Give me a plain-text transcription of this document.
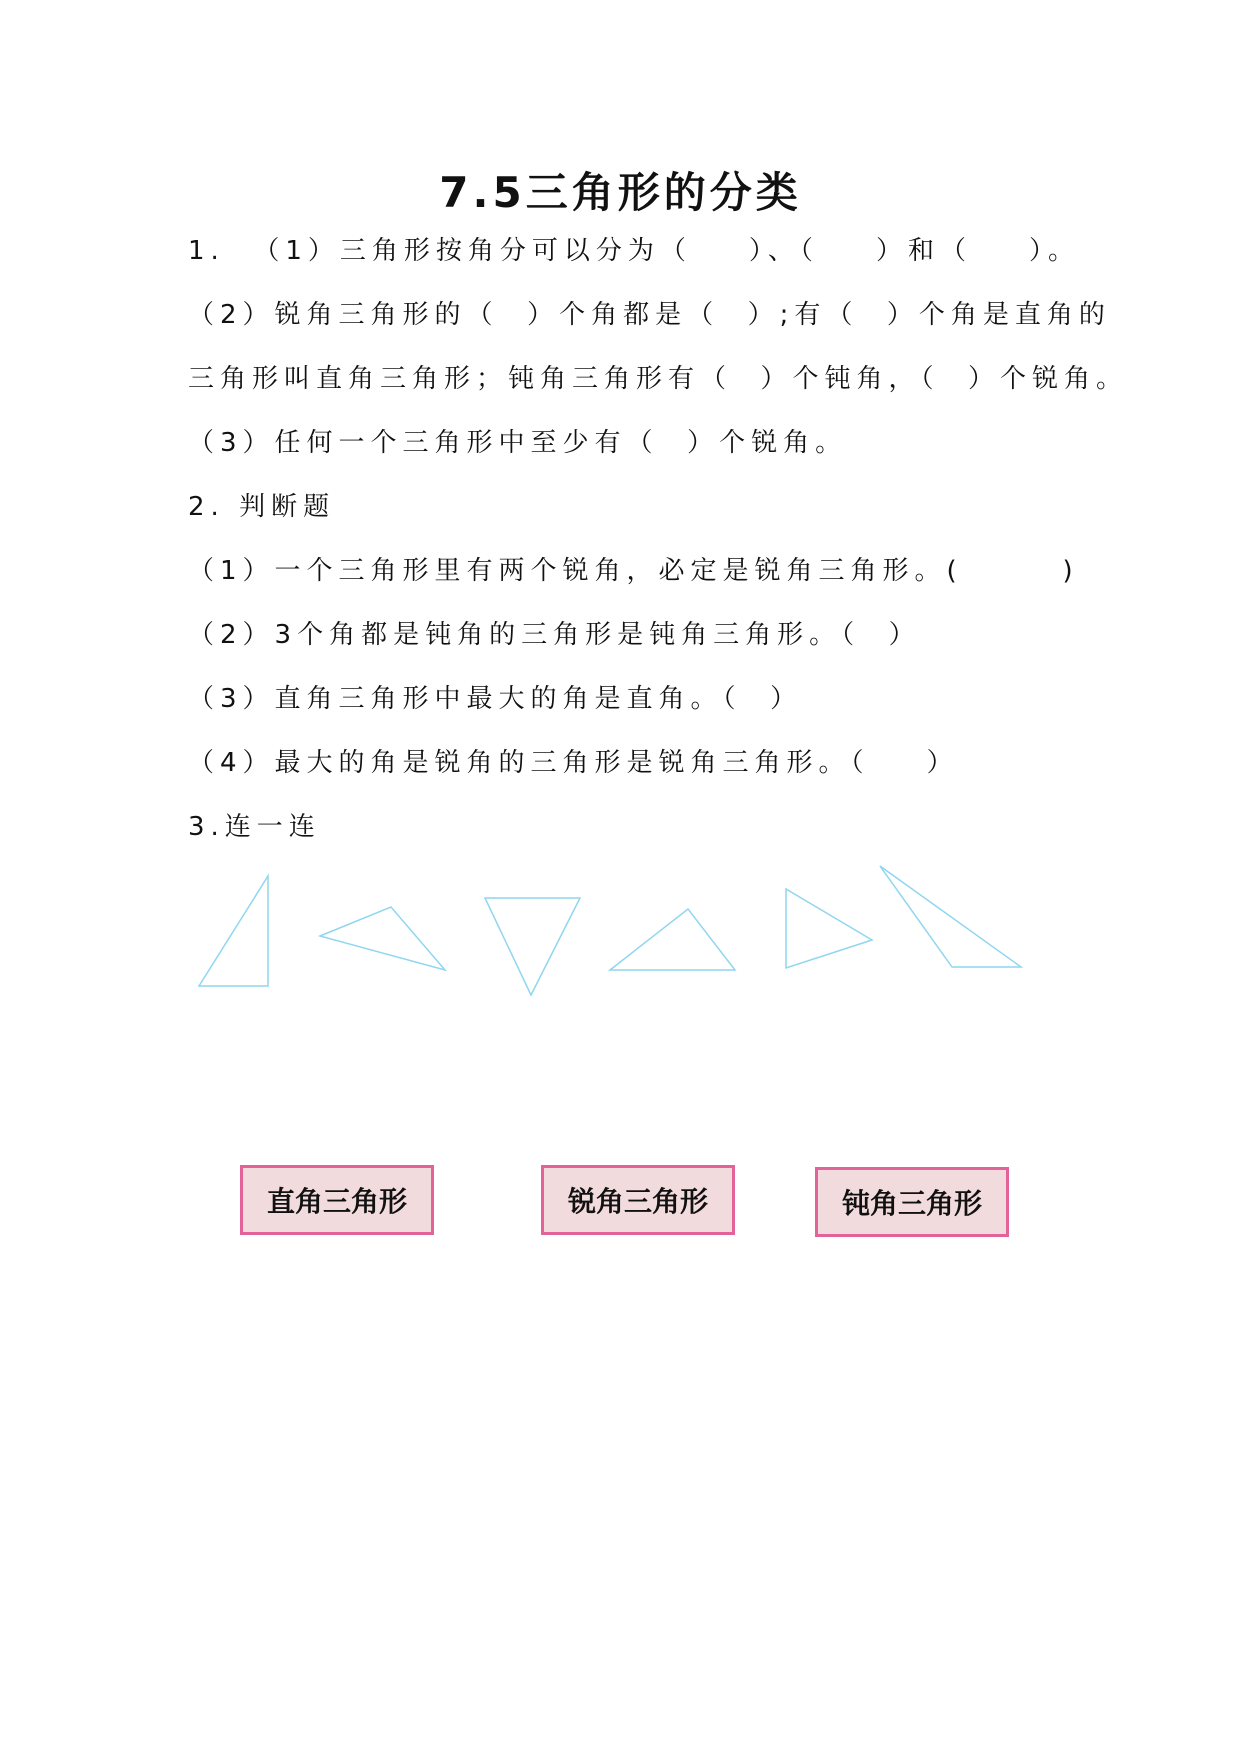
7.5三角形的分类
1.  （1）三角形按角分可以分为（    ）、（    ）和（    ）。
（2）锐角三角形的（  ）个角都是（  ）;有（  ）个角是直角的
三角形叫直角三角形；钝角三角形有（  ）个钝角，（  ）个锐角。
（3）任何一个三角形中至少有（  ）个锐角。
2. 判断题
（1）一个三角形里有两个锐角，必定是锐角三角形。(       )
（2）3个角都是钝角的三角形是钝角三角形。（  ）
（3）直角三角形中最大的角是直角。（  ）
（4）最大的角是锐角的三角形是锐角三角形。（    ）
3.连一连
直角三角形	锐角三角形	钝角三角形
